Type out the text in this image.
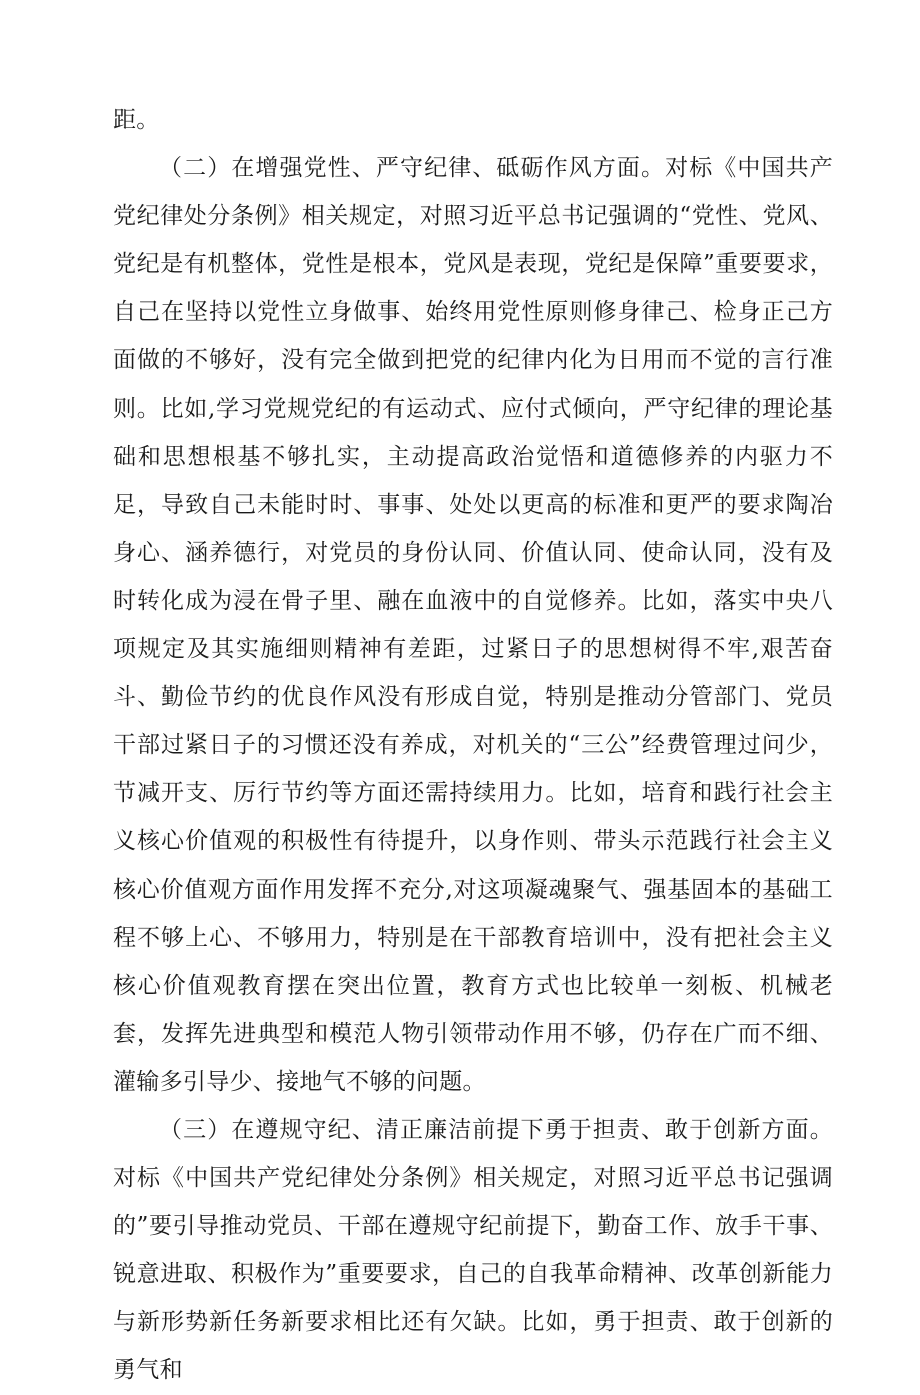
距。

（二）在增强党性、严守纪律、砥砺作风方面。对标《中国共产党纪律处分条例》相关规定，对照习近平总书记强调的“党性、党风、党纪是有机整体，党性是根本，党风是表现，党纪是保障”重要要求，自己在坚持以党性立身做事、始终用党性原则修身律己、检身正己方面做的不够好，没有完全做到把党的纪律内化为日用而不觉的言行准则。比如,学习党规党纪的有运动式、应付式倾向，严守纪律的理论基础和思想根基不够扎实，主动提高政治觉悟和道德修养的内驱力不足，导致自己未能时时、事事、处处以更高的标准和更严的要求陶冶身心、涵养德行，对党员的身份认同、价值认同、使命认同，没有及时转化成为浸在骨子里、融在血液中的自觉修养。比如，落实中央八项规定及其实施细则精神有差距，过紧日子的思想树得不牢,艰苦奋斗、勤俭节约的优良作风没有形成自觉，特别是推动分管部门、党员干部过紧日子的习惯还没有养成，对机关的“三公”经费管理过问少，节减开支、厉行节约等方面还需持续用力。比如，培育和践行社会主义核心价值观的积极性有待提升，以身作则、带头示范践行社会主义核心价值观方面作用发挥不充分,对这项凝魂聚气、强基固本的基础工程不够上心、不够用力，特别是在干部教育培训中，没有把社会主义核心价值观教育摆在突出位置，教育方式也比较单一刻板、机械老套，发挥先进典型和模范人物引领带动作用不够，仍存在广而不细、灌输多引导少、接地气不够的问题。

（三）在遵规守纪、清正廉洁前提下勇于担责、敢于创新方面。对标《中国共产党纪律处分条例》相关规定，对照习近平总书记强调的”要引导推动党员、干部在遵规守纪前提下，勤奋工作、放手干事、锐意进取、积极作为”重要要求，自己的自我革命精神、改革创新能力与新形势新任务新要求相比还有欠缺。比如，勇于担责、敢于创新的勇气和
